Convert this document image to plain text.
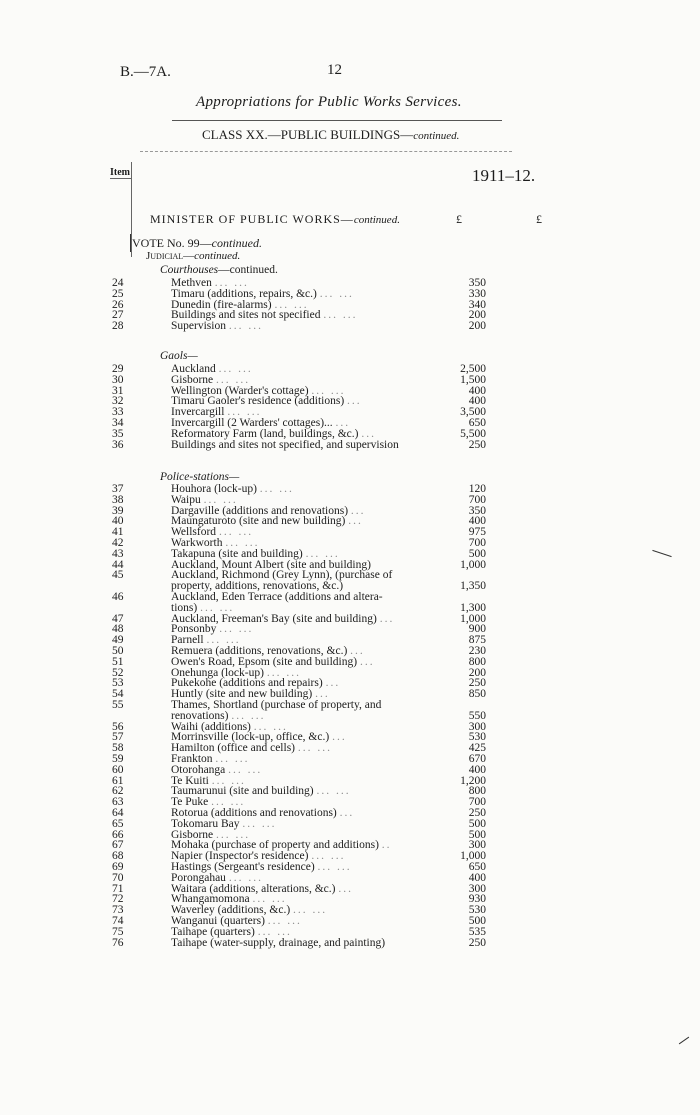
B.—7A.	12
Appropriations for Public Works Services.
CLASS XX.—PUBLIC BUILDINGS—continued.
Item	1911–12.
MINISTER OF PUBLIC WORKS—continued.	£	£
VOTE No. 99—continued.
Judicial—continued.
Courthouses—continued.
Gaols—
Police-stations—
24	Methven ... ...	350
25	Timaru (additions, repairs, &c.) ... ...	330
26	Dunedin (fire-alarms) ... ...	340
27	Buildings and sites not specified ... ...	200
28	Supervision ... ...	200
29	Auckland ... ...	2,500
30	Gisborne ... ...	1,500
31	Wellington (Warder's cottage) ... ...	400
32	Timaru Gaoler's residence (additions) ...	400
33	Invercargill ... ...	3,500
34	Invercargill (2 Warders' cottages)... ...	650
35	Reformatory Farm (land, buildings, &c.) ...	5,500
36	Buildings and sites not specified, and supervision	250
37	Houhora (lock-up) ... ...	120
38	Waipu ... ...	700
39	Dargaville (additions and renovations) ...	350
40	Maungaturoto (site and new building) ...	400
41	Wellsford ... ...	975
42	Warkworth ... ...	700
43	Takapuna (site and building) ... ...	500
44	Auckland, Mount Albert (site and building)	1,000
45	Auckland, Richmond (Grey Lynn), (purchase of
property, additions, renovations, &c.)	1,350
46	Auckland, Eden Terrace (additions and altera-
tions) ... ...	1,300
47	Auckland, Freeman's Bay (site and building) ...	1,000
48	Ponsonby ... ...	900
49	Parnell ... ...	875
50	Remuera (additions, renovations, &c.) ...	230
51	Owen's Road, Epsom (site and building) ...	800
52	Onehunga (lock-up) ... ...	200
53	Pukekohe (additions and repairs) ...	250
54	Huntly (site and new building) ...	850
55	Thames, Shortland (purchase of property, and
renovations) ... ...	550
56	Waihi (additions) ... ...	300
57	Morrinsville (lock-up, office, &c.) ...	530
58	Hamilton (office and cells) ... ...	425
59	Frankton ... ...	670
60	Otorohanga ... ...	400
61	Te Kuiti ... ...	1,200
62	Taumarunui (site and building) ... ...	800
63	Te Puke ... ...	700
64	Rotorua (additions and renovations) ...	250
65	Tokomaru Bay ... ...	500
66	Gisborne ... ...	500
67	Mohaka (purchase of property and additions) ..	300
68	Napier (Inspector's residence) ... ...	1,000
69	Hastings (Sergeant's residence) ... ...	650
70	Porongahau ... ...	400
71	Waitara (additions, alterations, &c.) ...	300
72	Whangamomona ... ...	930
73	Waverley (additions, &c.) ... ...	530
74	Wanganui (quarters) ... ...	500
75	Taihape (quarters) ... ...	535
76	Taihape (water-supply, drainage, and painting)	250
